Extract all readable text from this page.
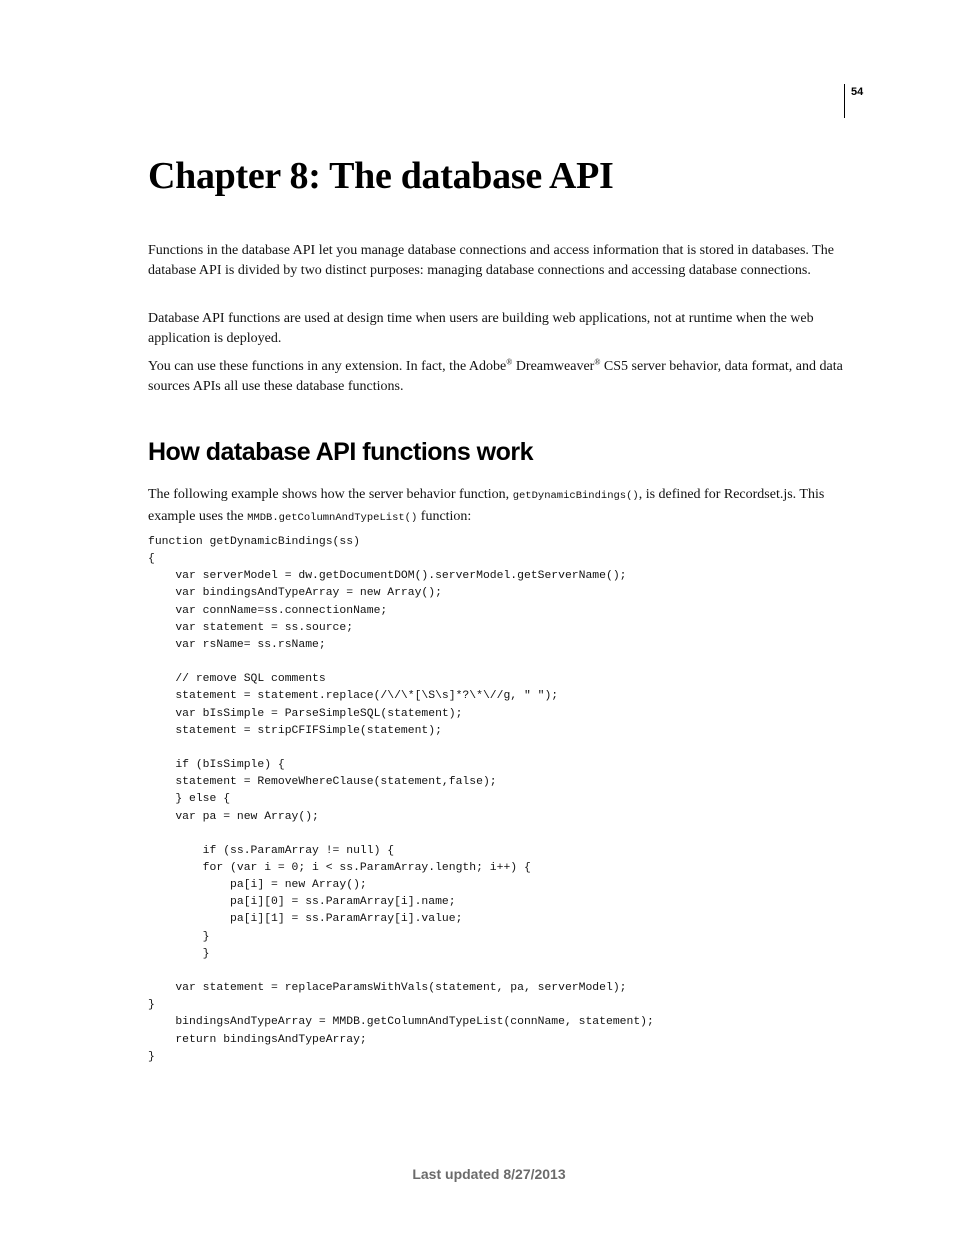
54
Chapter 8: The database API

Functions in the database API let you manage database connections and access information that is stored in databases. The database API is divided by two distinct purposes: managing database connections and accessing database connections.

Database API functions are used at design time when users are building web applications, not at runtime when the web application is deployed.

You can use these functions in any extension. In fact, the Adobe® Dreamweaver® CS5 server behavior, data format, and data sources APIs all use these database functions.

How database API functions work

The following example shows how the server behavior function, getDynamicBindings(), is defined for Recordset.js. This example uses the MMDB.getColumnAndTypeList() function:

function getDynamicBindings(ss)
{
var serverModel = dw.getDocumentDOM().serverModel.getServerName();
var bindingsAndTypeArray = new Array();
var connName=ss.connectionName;
var statement = ss.source;
var rsName= ss.rsName;

// remove SQL comments
statement = statement.replace(/\/\*[\S\s]*?\*\//g, " ");
var bIsSimple = ParseSimpleSQL(statement);
statement = stripCFIFSimple(statement);

if (bIsSimple) {
statement = RemoveWhereClause(statement,false);
} else {
var pa = new Array();

if (ss.ParamArray != null) {
for (var i = 0; i < ss.ParamArray.length; i++) {
pa[i] = new Array();
pa[i][0] = ss.ParamArray[i].name;
pa[i][1] = ss.ParamArray[i].value;
}
}

var statement = replaceParamsWithVals(statement, pa, serverModel);
}
bindingsAndTypeArray = MMDB.getColumnAndTypeList(connName, statement);
return bindingsAndTypeArray;
}
Last updated 8/27/2013
